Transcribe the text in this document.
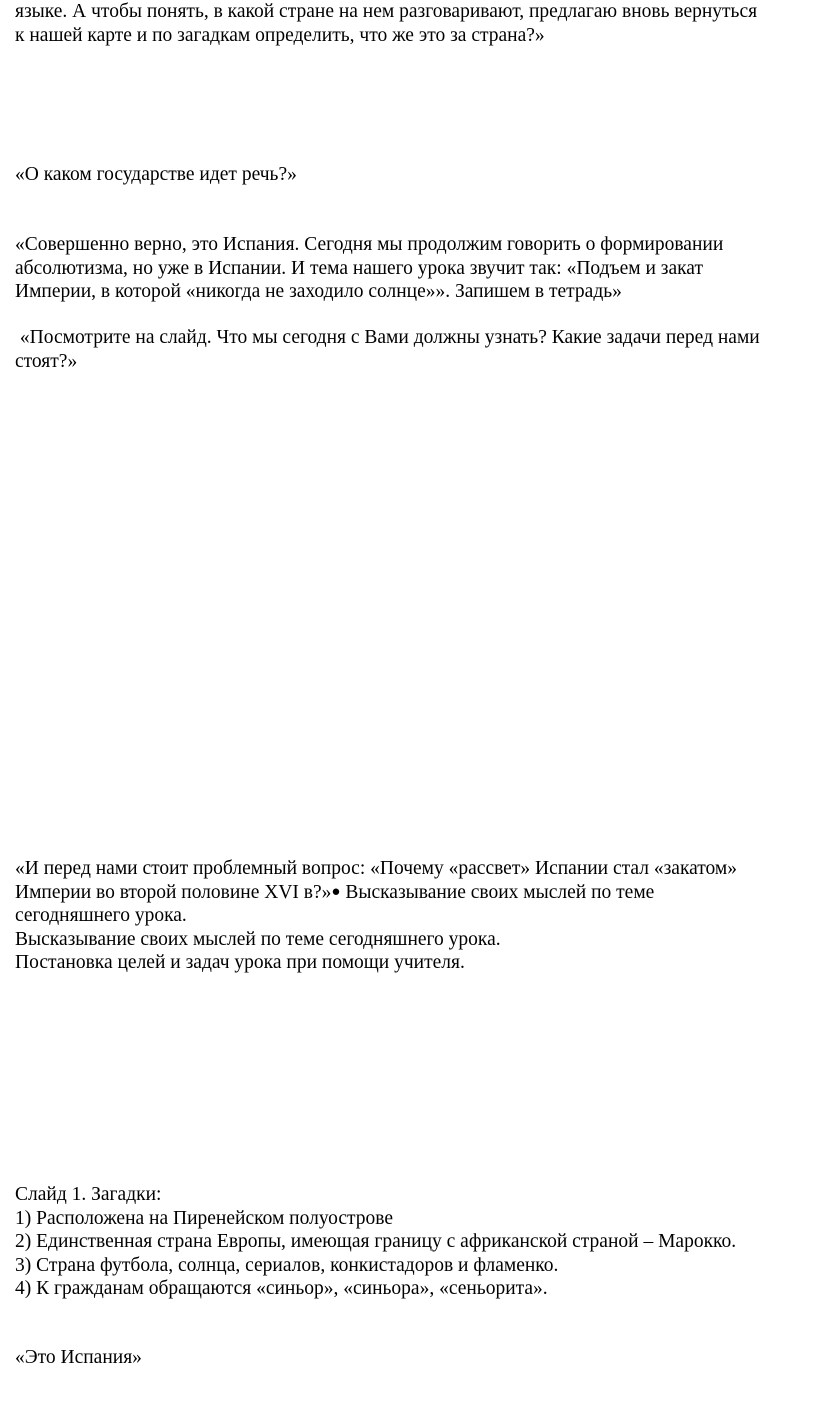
языке. А чтобы понять, в какой стране на нем разговаривают, предлагаю вновь вернуться
к нашей карте и по загадкам определить, что же это за страна?»
«О каком государстве идет речь?»
«Совершенно верно, это Испания. Сегодня мы продолжим говорить о формировании
абсолютизма, но уже в Испании. И тема нашего урока звучит так: «Подъем и закат
Империи, в которой «никогда не заходило солнце»». Запишем в тетрадь»
«Посмотрите на слайд. Что мы сегодня с Вами должны узнать? Какие задачи перед нами
стоят?»
«И перед нами стоит проблемный вопрос: «Почему «рассвет» Испании стал «закатом»
Империи во второй половине XVI в?»● Высказывание своих мыслей по теме
сегодняшнего урока.
Высказывание своих мыслей по теме сегодняшнего урока.
Постановка целей и задач урока при помощи учителя.
Слайд 1. Загадки:
1) Расположена на Пиренейском полуострове
2) Единственная страна Европы, имеющая границу с африканской страной – Марокко.
3) Страна футбола, солнца, сериалов, конкистадоров и фламенко.
4) К гражданам обращаются «синьор», «синьора», «сеньорита».
«Это Испания»
